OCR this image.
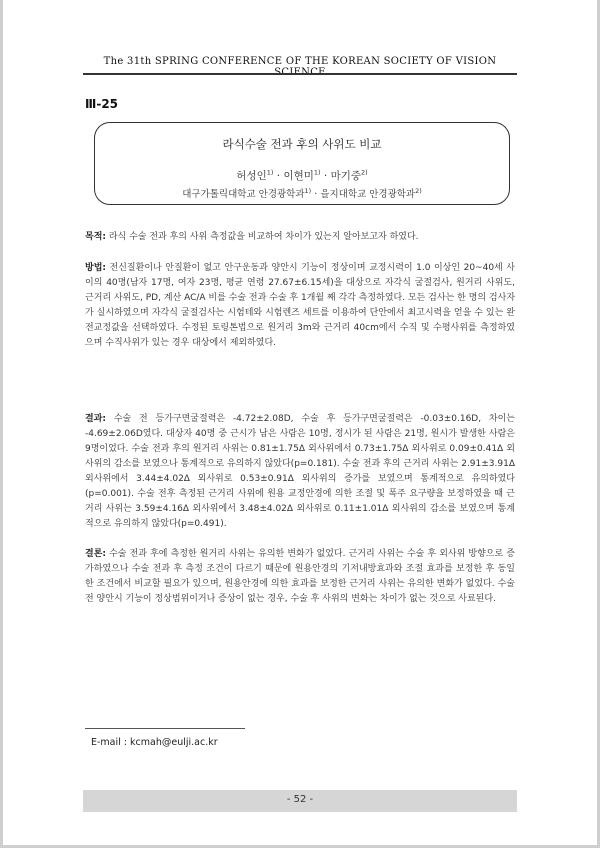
The 31th SPRING CONFERENCE OF THE KOREAN SOCIETY OF VISION SCIENCE
Ⅲ-25
라식수술 전과 후의 사위도 비교
허성인$^{1)}$ · 이현미$^{1)}$ · 마기중$^{2)}$
대구가톨릭대학교 안경광학과$^{1)}$ · 을지대학교 안경광학과$^{2)}$

목적: 라식 수술 전과 후의 사위 측정값을 비교하여 차이가 있는지 알아보고자 하였다.

방법: 전신질환이나 안질환이 없고 안구운동과 양안시 기능이 정상이며 교정시력이 1.0 이상인 20~40세 사이의 40명(남자 17명, 여자 23명, 평균 연령 27.67±6.15세)을 대상으로 자각식 굴절검사, 원거리 사위도, 근거리 사위도, PD, 계산 AC/A 비를 수술 전과 수술 후 1개월 째 각각 측정하였다. 모든 검사는 한 명의 검사자가 실시하였으며 자각식 굴절검사는 시험테와 시험렌즈 세트를 이용하여 단안에서 최고시력을 얻을 수 있는 완전교정값을 선택하였다. 수정된 토링톤법으로 원거리 3m와 근거리 40cm에서 수직 및 수평사위를 측정하였으며 수직사위가 있는 경우 대상에서 제외하였다.

결과: 수술 전 등가구면굴절력은 -4.72±2.08D, 수술 후 등가구면굴절력은 -0.03±0.16D, 차이는 -4.69±2.06D였다. 대상자 40명 중 근시가 남은 사람은 10명, 정시가 된 사람은 21명, 원시가 발생한 사람은 9명이었다. 수술 전과 후의 원거리 사위는 0.81±1.75Δ 외사위에서 0.73±1.75Δ 외사위로 0.09±0.41Δ 외사위의 감소를 보였으나 통계적으로 유의하지 않았다(p=0.181). 수술 전과 후의 근거리 사위는 2.91±3.91Δ 외사위에서 3.44±4.02Δ 외사위로 0.53±0.91Δ 외사위의 증가를 보였으며 통계적으로 유의하였다(p=0.001). 수술 전후 측정된 근거리 사위에 원용 교정안경에 의한 조절 및 폭주 요구량을 보정하였을 때 근거리 사위는 3.59±4.16Δ 외사위에서 3.48±4.02Δ 외사위로 0.11±1.01Δ 외사위의 감소를 보였으며 통계적으로 유의하지 않았다(p=0.491).

결론: 수술 전과 후에 측정한 원거리 사위는 유의한 변화가 없었다. 근거리 사위는 수술 후 외사위 방향으로 증가하였으나 수술 전과 후 측정 조건이 다르기 때문에 원용안경의 기저내방효과와 조절 효과를 보정한 후 동일 한 조건에서 비교할 필요가 있으며, 원용안경에 의한 효과를 보정한 근거리 사위는 유의한 변화가 없었다. 수술 전 양안시 기능이 정상범위이거나 증상이 없는 경우, 수술 후 사위의 변화는 차이가 없는 것으로 사료된다.

E-mail : kcmah@eulji.ac.kr
- 52 -
